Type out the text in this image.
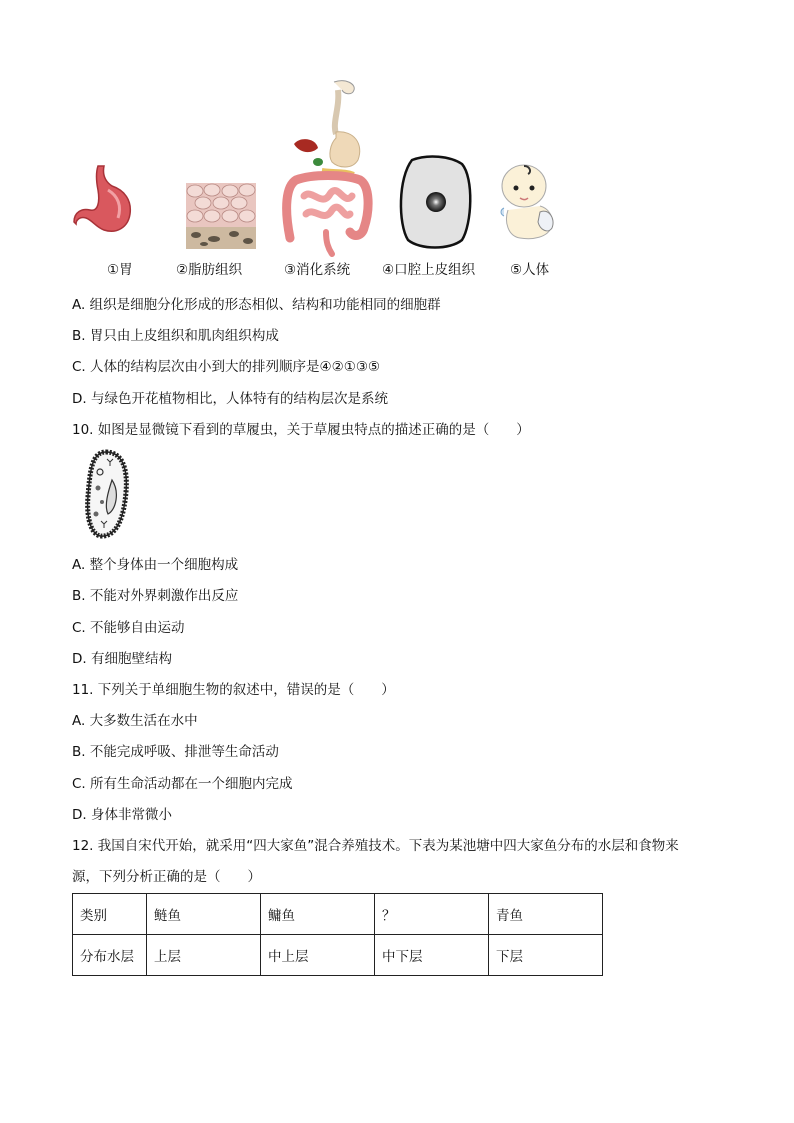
①胃	②脂肪组织	③消化系统 ④口腔上皮组织	⑤人体
A. 组织是细胞分化形成的形态相似、结构和功能相同的细胞群
B. 胃只由上皮组织和肌肉组织构成
C. 人体的结构层次由小到大的排列顺序是④②①③⑤
D. 与绿色开花植物相比，人体特有的结构层次是系统
10. 如图是显微镜下看到的草履虫，关于草履虫特点的描述正确的是（　　）
A. 整个身体由一个细胞构成
B. 不能对外界刺激作出反应
C. 不能够自由运动
D. 有细胞壁结构
11. 下列关于单细胞生物的叙述中，错误的是（　　）
A. 大多数生活在水中
B. 不能完成呼吸、排泄等生命活动
C. 所有生命活动都在一个细胞内完成
D. 身体非常微小
12. 我国自宋代开始，就采用“四大家鱼”混合养殖技术。下表为某池塘中四大家鱼分布的水层和食物来
源，下列分析正确的是（　　）
类别	鲢鱼	鳙鱼	？	青鱼
分布水层	上层	中上层	中下层	下层
